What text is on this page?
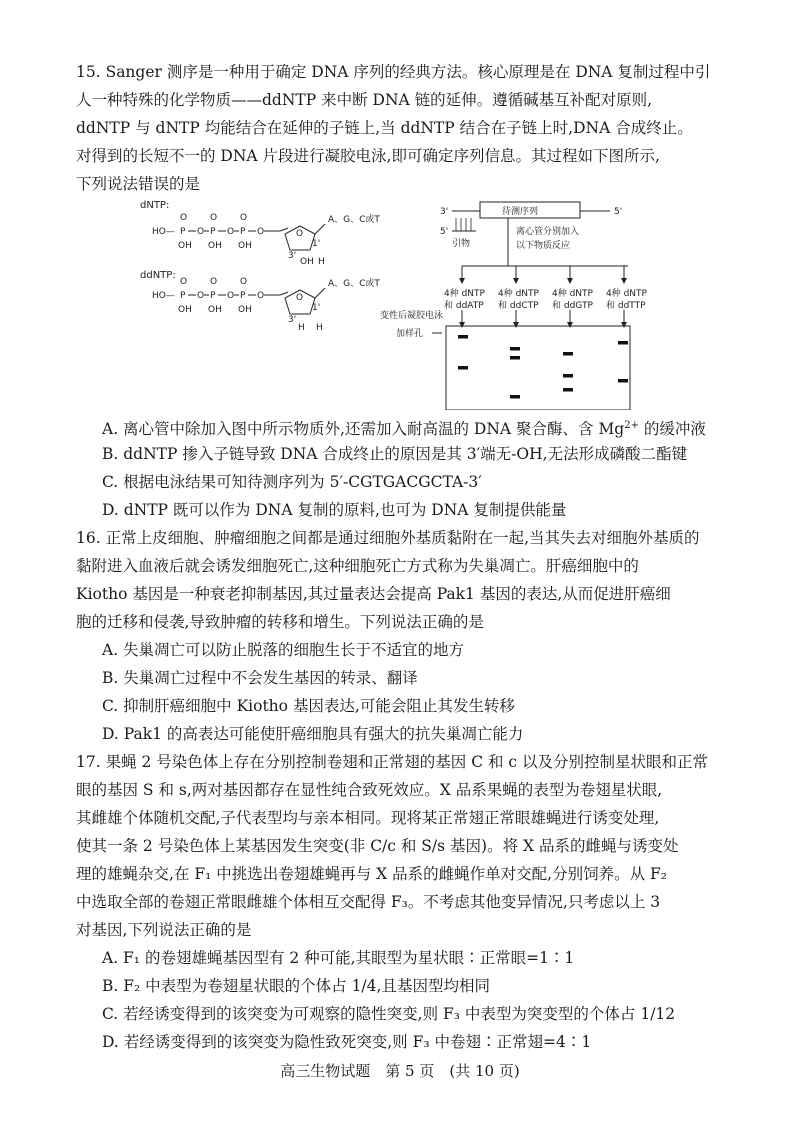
15. Sanger 测序是一种用于确定 DNA 序列的经典方法。核心原理是在 DNA 复制过程中引
人一种特殊的化学物质——ddNTP 来中断 DNA 链的延伸。遵循碱基互补配对原则,
ddNTP 与 dNTP 均能结合在延伸的子链上,当 ddNTP 结合在子链上时,DNA 合成终止。
对得到的长短不一的 DNA 片段进行凝胶电泳,即可确定序列信息。其过程如下图所示,
下列说法错误的是
dNTP:
O	O	O
HO— P O P O P O
OH OH OH
O
A、G、C或T
3'
1'
OH H
ddNTP:
O	O	O
HO— P O P O P O
OH OH OH
O
A、G、C或T
3'
1'
H H
3'	待测序列	5'
5'
引物
离心管分别加入
以下物质反应
4种 dNTP
和 ddATP
4种 dNTP
和 ddCTP
4种 dNTP
和 ddGTP
4种 dNTP
和 ddTTP
变性后凝胶电泳
加样孔
A. 离心管中除加入图中所示物质外,还需加入耐高温的 DNA 聚合酶、含 $Mg^{2+}$ 的缓冲液
B. ddNTP 掺入子链导致 DNA 合成终止的原因是其 3′端无-OH,无法形成磷酸二酯键
C. 根据电泳结果可知待测序列为 5′-CGTGACGCTA-3′
D. dNTP 既可以作为 DNA 复制的原料,也可为 DNA 复制提供能量
16. 正常上皮细胞、肿瘤细胞之间都是通过细胞外基质黏附在一起,当其失去对细胞外基质的
黏附进入血液后就会诱发细胞死亡,这种细胞死亡方式称为失巢凋亡。肝癌细胞中的
Kiotho 基因是一种衰老抑制基因,其过量表达会提高 Pak1 基因的表达,从而促进肝癌细
胞的迁移和侵袭,导致肿瘤的转移和增生。下列说法正确的是
A. 失巢凋亡可以防止脱落的细胞生长于不适宜的地方
B. 失巢凋亡过程中不会发生基因的转录、翻译
C. 抑制肝癌细胞中 Kiotho 基因表达,可能会阻止其发生转移
D. Pak1 的高表达可能使肝癌细胞具有强大的抗失巢凋亡能力
17. 果蝇 2 号染色体上存在分别控制卷翅和正常翅的基因 C 和 c 以及分别控制星状眼和正常
眼的基因 S 和 s,两对基因都存在显性纯合致死效应。X 品系果蝇的表型为卷翅星状眼,
其雌雄个体随机交配,子代表型均与亲本相同。现将某正常翅正常眼雄蝇进行诱变处理,
使其一条 2 号染色体上某基因发生突变(非 C/c 和 S/s 基因)。将 X 品系的雌蝇与诱变处
理的雄蝇杂交,在 F₁ 中挑选出卷翅雄蝇再与 X 品系的雌蝇作单对交配,分别饲养。从 F₂
中选取全部的卷翅正常眼雌雄个体相互交配得 F₃。不考虑其他变异情况,只考虑以上 3
对基因,下列说法正确的是
A. F₁ 的卷翅雄蝇基因型有 2 种可能,其眼型为星状眼∶正常眼=1∶1
B. F₂ 中表型为卷翅星状眼的个体占 1/4,且基因型均相同
C. 若经诱变得到的该突变为可观察的隐性突变,则 F₃ 中表型为突变型的个体占 1/12
D. 若经诱变得到的该突变为隐性致死突变,则 F₃ 中卷翅∶正常翅=4∶1
高三生物试题　第 5 页　(共 10 页)
